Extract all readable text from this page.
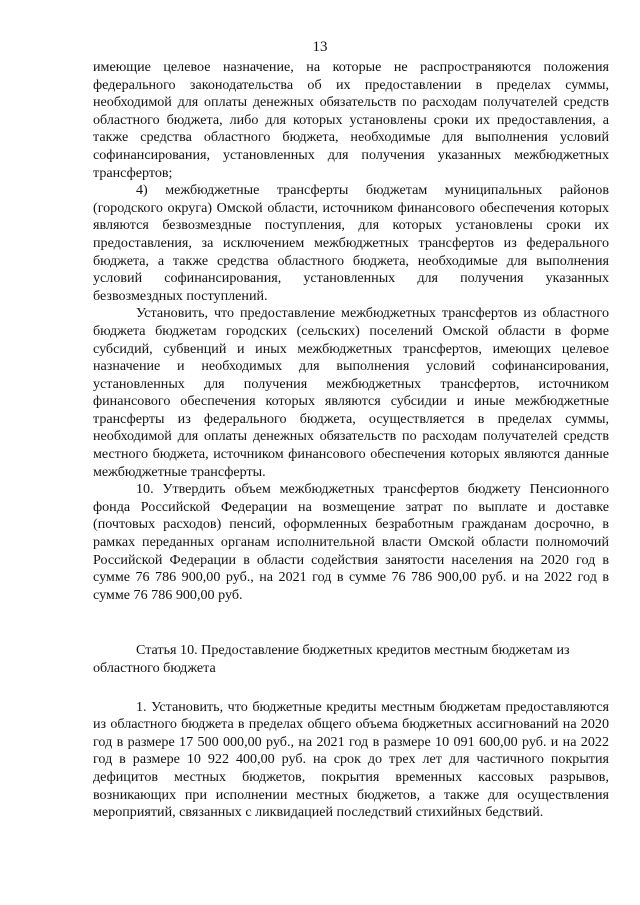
13

имеющие целевое назначение, на которые не распространяются положения федерального законодательства об их предоставлении в пределах суммы, необходимой для оплаты денежных обязательств по расходам получателей средств областного бюджета, либо для которых установлены сроки их предоставления, а также средства областного бюджета, необходимые для выполнения условий софинансирования, установленных для получения указанных межбюджетных трансфертов;

4) межбюджетные трансферты бюджетам муниципальных районов (городского округа) Омской области, источником финансового обеспечения которых являются безвозмездные поступления, для которых установлены сроки их предоставления, за исключением межбюджетных трансфертов из федерального бюджета, а также средства областного бюджета, необходимые для выполнения условий софинансирования, установленных для получения указанных безвозмездных поступлений.

Установить, что предоставление межбюджетных трансфертов из областного бюджета бюджетам городских (сельских) поселений Омской области в форме субсидий, субвенций и иных межбюджетных трансфертов, имеющих целевое назначение и необходимых для выполнения условий софинансирования, установленных для получения межбюджетных трансфертов, источником финансового обеспечения которых являются субсидии и иные межбюджетные трансферты из федерального бюджета, осуществляется в пределах суммы, необходимой для оплаты денежных обязательств по расходам получателей средств местного бюджета, источником финансового обеспечения которых являются данные межбюджетные трансферты.

10. Утвердить объем межбюджетных трансфертов бюджету Пенсионного фонда Российской Федерации на возмещение затрат по выплате и доставке (почтовых расходов) пенсий, оформленных безработным гражданам досрочно, в рамках переданных органам исполнительной власти Омской области полномочий Российской Федерации в области содействия занятости населения на 2020 год в сумме 76 786 900,00 руб., на 2021 год в сумме 76 786 900,00 руб. и на 2022 год в сумме 76 786 900,00 руб.

Статья 10. Предоставление бюджетных кредитов местным бюджетам из областного бюджета

1. Установить, что бюджетные кредиты местным бюджетам предоставляются из областного бюджета в пределах общего объема бюджетных ассигнований на 2020 год в размере 17 500 000,00 руб., на 2021 год в размере 10 091 600,00 руб. и на 2022 год в размере 10 922 400,00 руб. на срок до трех лет для частичного покрытия дефицитов местных бюджетов, покрытия временных кассовых разрывов, возникающих при исполнении местных бюджетов, а также для осуществления мероприятий, связанных с ликвидацией последствий стихийных бедствий.
